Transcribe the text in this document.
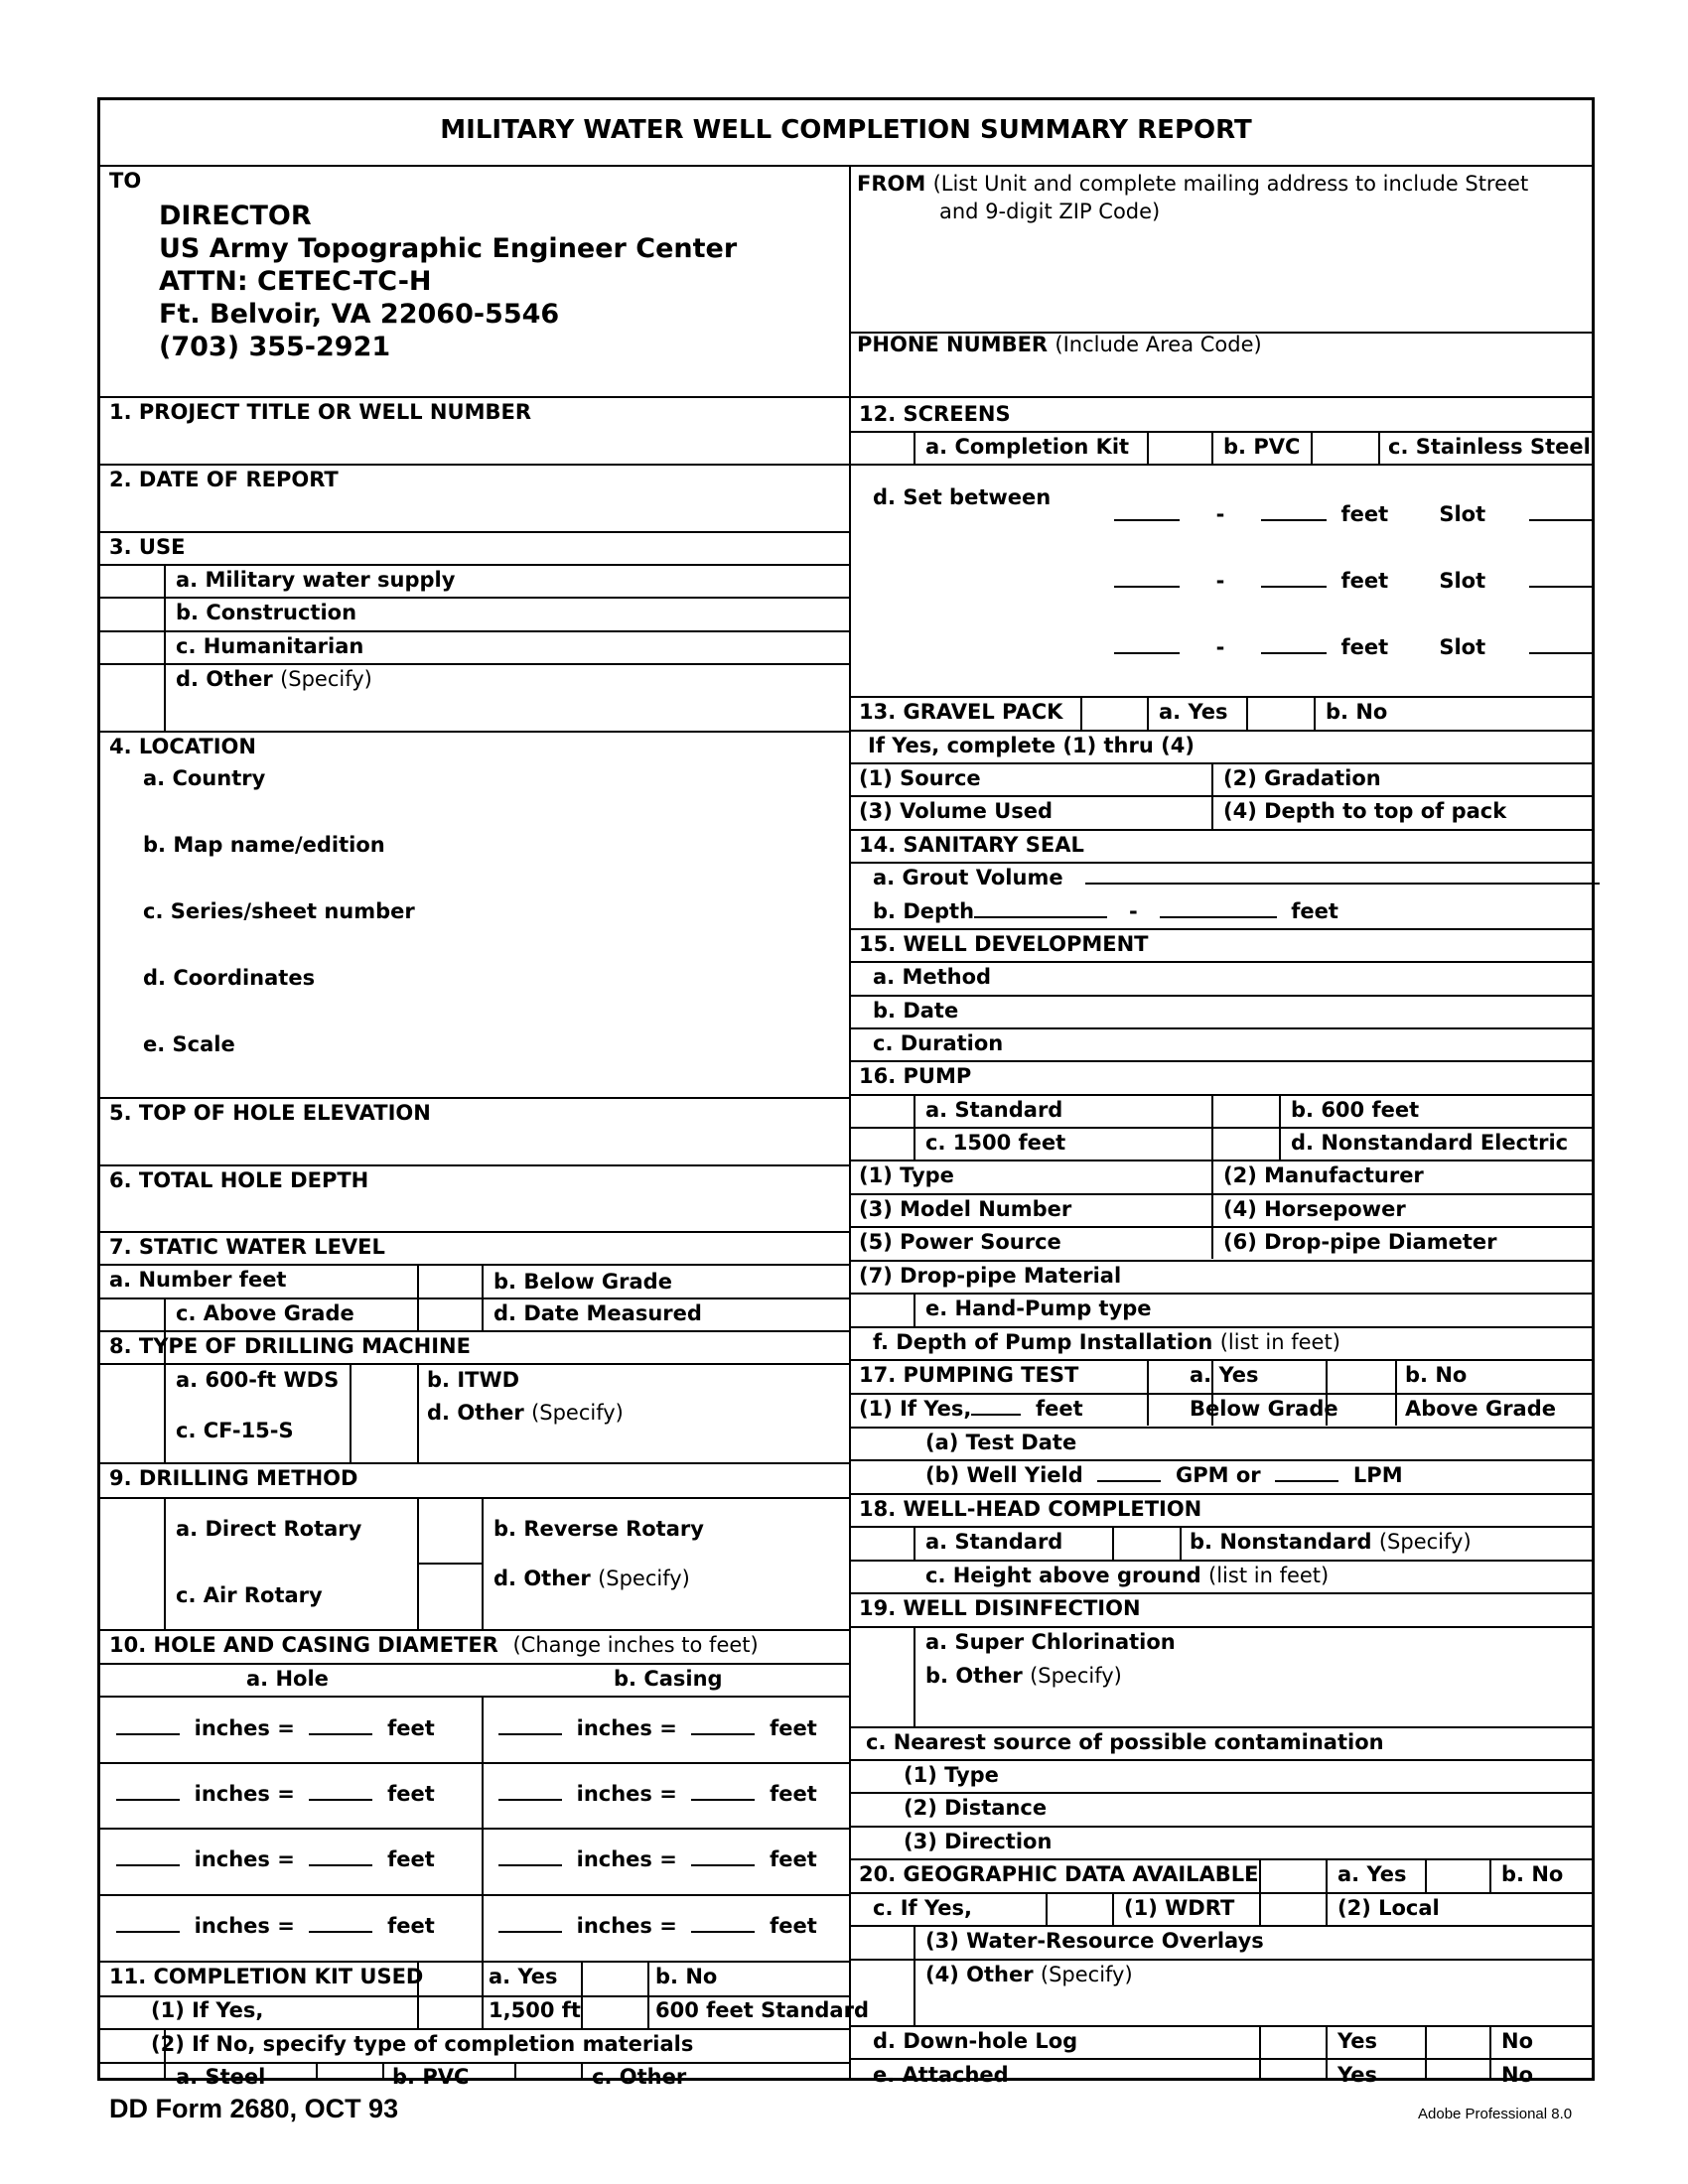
MILITARY WATER WELL COMPLETION SUMMARY REPORT
TO
DIRECTOR
US Army Topographic Engineer Center
ATTN: CETEC-TC-H
Ft. Belvoir, VA 22060-5546
(703) 355-2921
FROM (List Unit and complete mailing address to include Street
and 9-digit ZIP Code)
PHONE NUMBER (Include Area Code)
1. PROJECT TITLE OR WELL NUMBER
2. DATE OF REPORT
3. USE
a. Military water supply
b. Construction
c. Humanitarian
d. Other (Specify)
4. LOCATION
a. Country
b. Map name/edition
c. Series/sheet number
d. Coordinates
e. Scale
5. TOP OF HOLE ELEVATION
6. TOTAL HOLE DEPTH
7. STATIC WATER LEVEL
a. Number feet	b. Below Grade
c. Above Grade	d. Date Measured
8. TYPE OF DRILLING MACHINE
a. 600-ft WDS	b. ITWD
c. CF-15-S
d. Other (Specify)
9. DRILLING METHOD
a. Direct Rotary	b. Reverse Rotary
c. Air Rotary
d. Other (Specify)
10. HOLE AND CASING DIAMETER (Change inches to feet)
a. Hole	b. Casing
inches =	feet	inches =	feet
inches =	feet	inches =	feet
inches =	feet	inches =	feet
inches =	feet	inches =	feet
11. COMPLETION KIT USED	a. Yes	b. No
(1) If Yes,	1,500 ft	600 feet Standard
(2) If No, specify type of completion materials
a. Steel	b. PVC	c. Other
12. SCREENS
a. Completion Kit	b. PVC	c. Stainless Steel
d. Set between
-	feet Slot
-	feet Slot
-	feet Slot
13. GRAVEL PACK	a. Yes	b. No
If Yes, complete (1) thru (4)
(1) Source	(2) Gradation
(3) Volume Used	(4) Depth to top of pack
14. SANITARY SEAL
a. Grout Volume
b. Depth	-	feet
15. WELL DEVELOPMENT
a. Method
b. Date
c. Duration
16. PUMP
a. Standard	b. 600 feet
c. 1500 feet	d. Nonstandard Electric
(1) Type	(2) Manufacturer
(3) Model Number	(4) Horsepower
(5) Power Source	(6) Drop-pipe Diameter
(7) Drop-pipe Material
e. Hand-Pump type
f. Depth of Pump Installation (list in feet)
17. PUMPING TEST	a. Yes	b. No
(1) If Yes,	feet	Below Grade	Above Grade
(a) Test Date
(b) Well Yield	GPM or	LPM
18. WELL-HEAD COMPLETION
a. Standard	b. Nonstandard (Specify)
c. Height above ground (list in feet)
19. WELL DISINFECTION
a. Super Chlorination
b. Other (Specify)
c. Nearest source of possible contamination
(1) Type
(2) Distance
(3) Direction
20. GEOGRAPHIC DATA AVAILABLE	a. Yes	b. No
c. If Yes,	(1) WDRT	(2) Local
(3) Water-Resource Overlays
(4) Other (Specify)
d. Down-hole Log	Yes	No
e. Attached	Yes	No
DD Form 2680, OCT 93	Adobe Professional 8.0
